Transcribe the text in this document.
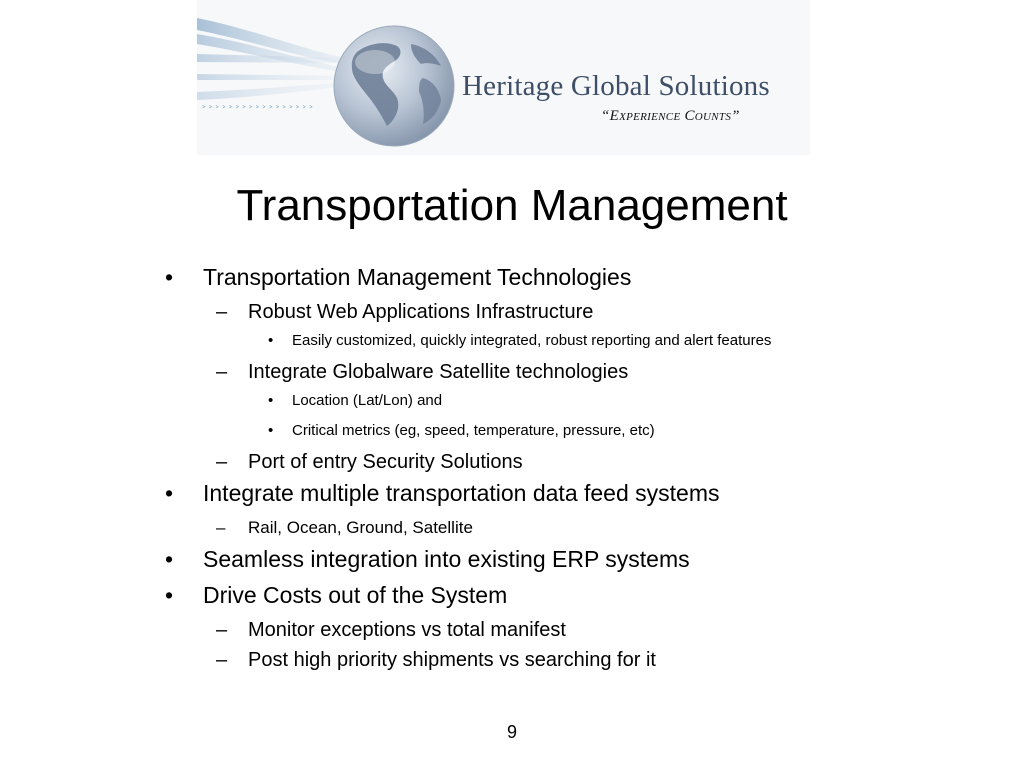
˃˃˃˃˃˃˃˃˃˃˃˃˃˃˃˃˃
Heritage Global Solutions
“Experience Counts”
Transportation Management
• Transportation Management Technologies
– Robust Web Applications Infrastructure
• Easily customized, quickly integrated, robust reporting and alert features
– Integrate Globalware Satellite technologies
• Location (Lat/Lon) and
• Critical metrics (eg, speed, temperature, pressure, etc)
– Port of entry Security Solutions
• Integrate multiple transportation data feed systems
– Rail, Ocean, Ground, Satellite
• Seamless integration into existing ERP systems
• Drive Costs out of the System
– Monitor exceptions vs total manifest
– Post high priority shipments vs searching for it
9
